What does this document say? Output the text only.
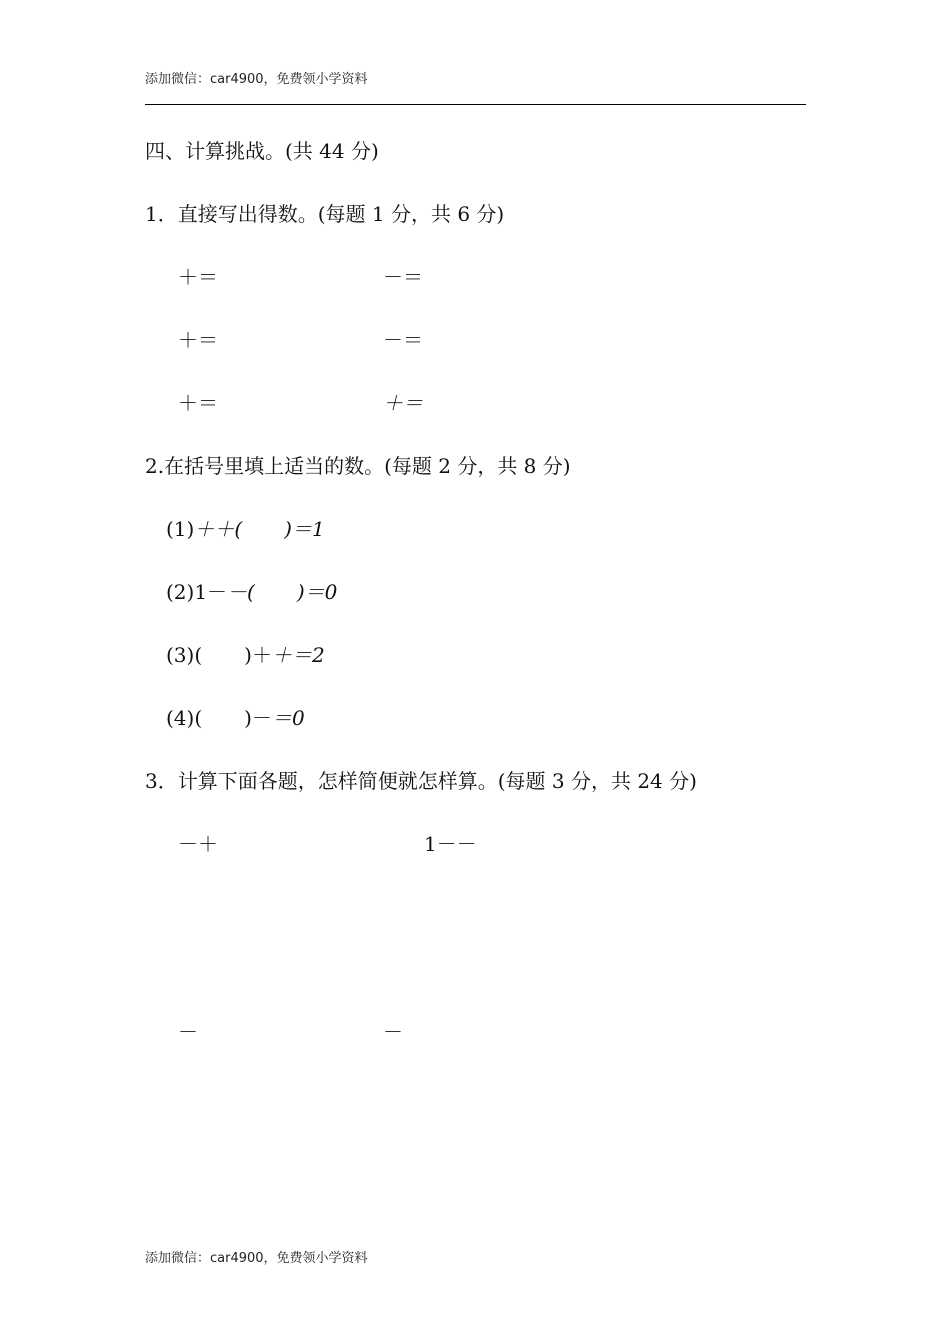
添加微信：car4900，免费领小学资料
四、计算挑战。(共 44 分)
1．直接写出得数。(每题 1 分，共 6 分)
＋＝	－＝
＋＝	－＝
＋＝	＋＝
2.在括号里填上适当的数。(每题 2 分，共 8 分)
(1)＋＋( )＝1
(2)1－－( )＝0
(3)( )＋＋＝2
(4)( )－＝0
3．计算下面各题，怎样简便就怎样算。(每题 3 分，共 24 分)
－＋	1－－
－	－
添加微信：car4900，免费领小学资料
